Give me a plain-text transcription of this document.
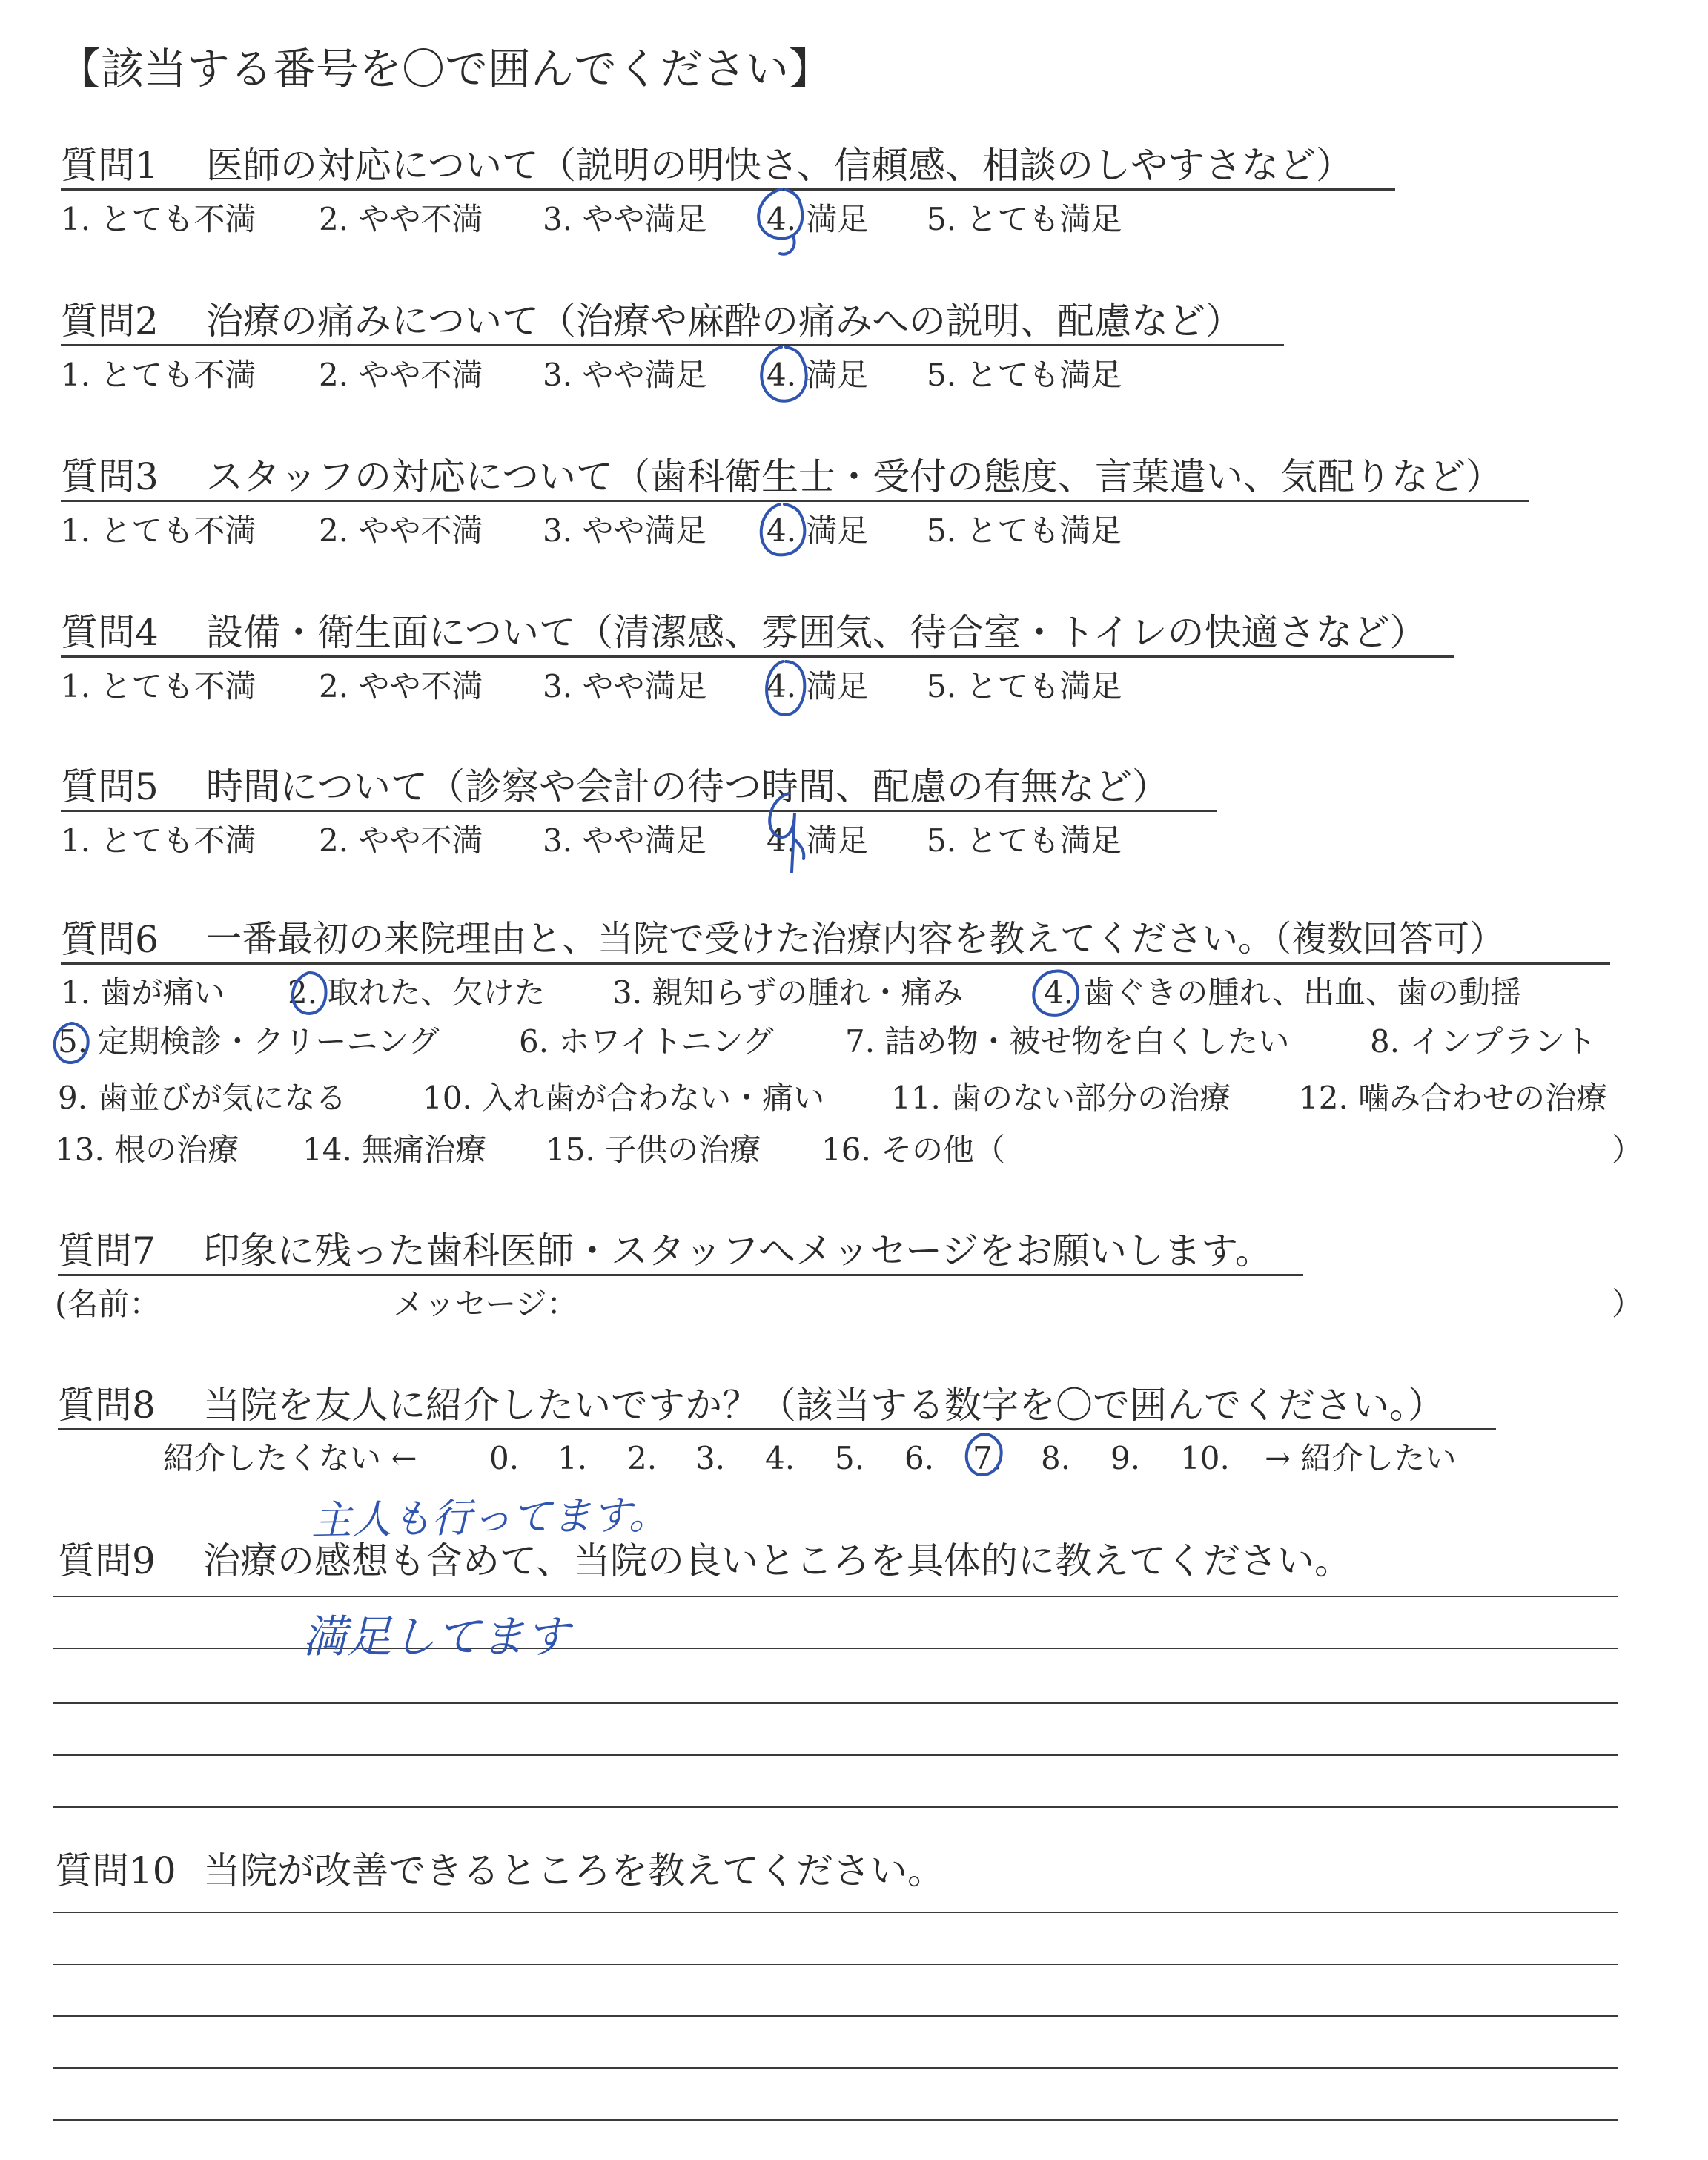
【該当する番号を〇で囲んでください】
質問1 医師の対応について（説明の明快さ、信頼感、相談のしやすさなど）
1. とても不満 2. やや不満 3. やや満足 4. 満足 5. とても満足
質問2 治療の痛みについて（治療や麻酔の痛みへの説明、配慮など）
1. とても不満 2. やや不満 3. やや満足 4. 満足 5. とても満足
質問3 スタッフの対応について（歯科衛生士・受付の態度、言葉遣い、気配りなど）
1. とても不満 2. やや不満 3. やや満足 4. 満足 5. とても満足
質問4 設備・衛生面について（清潔感、雰囲気、待合室・トイレの快適さなど）
1. とても不満 2. やや不満 3. やや満足 4. 満足 5. とても満足
質問5 時間について（診察や会計の待つ時間、配慮の有無など）
1. とても不満 2. やや不満 3. やや満足 4. 満足 5. とても満足
質問6 一番最初の来院理由と、当院で受けた治療内容を教えてください。（複数回答可）
1. 歯が痛い 2. 取れた、欠けた 3. 親知らずの腫れ・痛み	4. 歯ぐきの腫れ、出血、歯の動揺
5. 定期検診・クリーニング	6. ホワイトニング 7. 詰め物・被せ物を白くしたい	8. インプラント
9. 歯並びが気になる 10. 入れ歯が合わない・痛い 11. 歯のない部分の治療 12. 噛み合わせの治療
13. 根の治療 14. 無痛治療 15. 子供の治療 16. その他（	）
質問7 印象に残った歯科医師・スタッフへメッセージをお願いします。
(名前：	メッセージ：	）
質問8 当院を友人に紹介したいですか？（該当する数字を〇で囲んでください。）
紹介したくない ← 0. 1. 2. 3. 4. 5. 6. 7. 8. 9. 10. → 紹介したい
主人も行ってます。
質問9 治療の感想も含めて、当院の良いところを具体的に教えてください。
満足してます
質問10 当院が改善できるところを教えてください。
